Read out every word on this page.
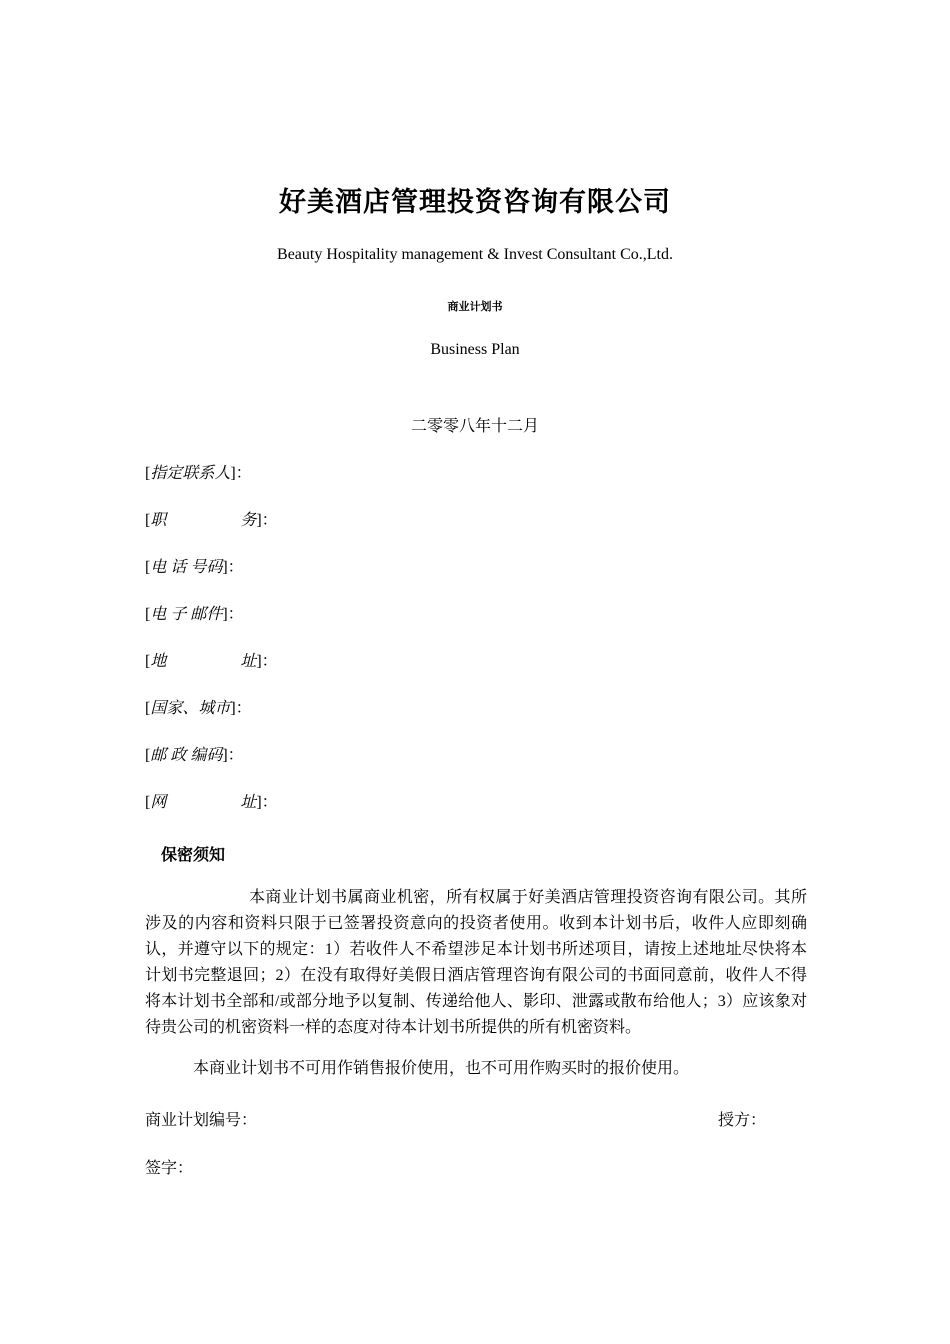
好美酒店管理投资咨询有限公司
Beauty Hospitality management & Invest Consultant Co.,Ltd.
商业计划书
Business Plan
二零零八年十二月
[指定联系人]：
[职务]：
[电 话 号码]：
[电 子 邮件]：
[地址]：
[国家、城市]：
[邮 政 编码]：
[网址]：
保密须知
本商业计划书属商业机密，所有权属于好美酒店管理投资咨询有限公司。其所涉及的内容和资料只限于已签署投资意向的投资者使用。收到本计划书后，收件人应即刻确认，并遵守以下的规定：1）若收件人不希望涉足本计划书所述项目，请按上述地址尽快将本计划书完整退回；2）在没有取得好美假日酒店管理咨询有限公司的书面同意前，收件人不得将本计划书全部和/或部分地予以复制、传递给他人、影印、泄露或散布给他人；3）应该象对待贵公司的机密资料一样的态度对待本计划书所提供的所有机密资料。
本商业计划书不可用作销售报价使用，也不可用作购买时的报价使用。
商业计划编号：	授方：
签字：
